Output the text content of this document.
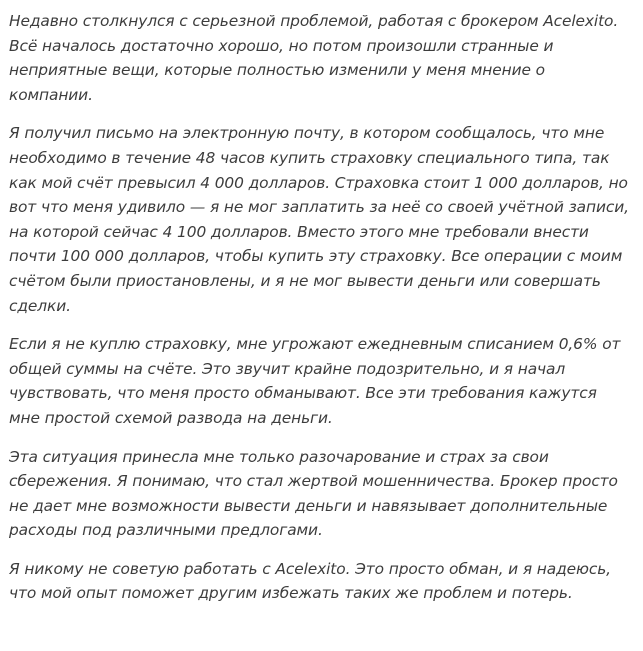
Недавно столкнулся с серьезной проблемой, работая с брокером Acelexito. Всё началось достаточно хорошо, но потом произошли странные и неприятные вещи, которые полностью изменили у меня мнение о компании.

Я получил письмо на электронную почту, в котором сообщалось, что мне необходимо в течение 48 часов купить страховку специального типа, так как мой счёт превысил 4 000 долларов. Страховка стоит 1 000 долларов, но вот что меня удивило — я не мог заплатить за неё со своей учётной записи, на которой сейчас 4 100 долларов. Вместо этого мне требовали внести почти 100 000 долларов, чтобы купить эту страховку. Все операции с моим счётом были приостановлены, и я не мог вывести деньги или совершать сделки.

Если я не куплю страховку, мне угрожают ежедневным списанием 0,6% от общей суммы на счёте. Это звучит крайне подозрительно, и я начал чувствовать, что меня просто обманывают. Все эти требования кажутся мне простой схемой развода на деньги.

Эта ситуация принесла мне только разочарование и страх за свои сбережения. Я понимаю, что стал жертвой мошенничества. Брокер просто не дает мне возможности вывести деньги и навязывает дополнительные расходы под различными предлогами.

Я никому не советую работать с Acelexito. Это просто обман, и я надеюсь, что мой опыт поможет другим избежать таких же проблем и потерь.
